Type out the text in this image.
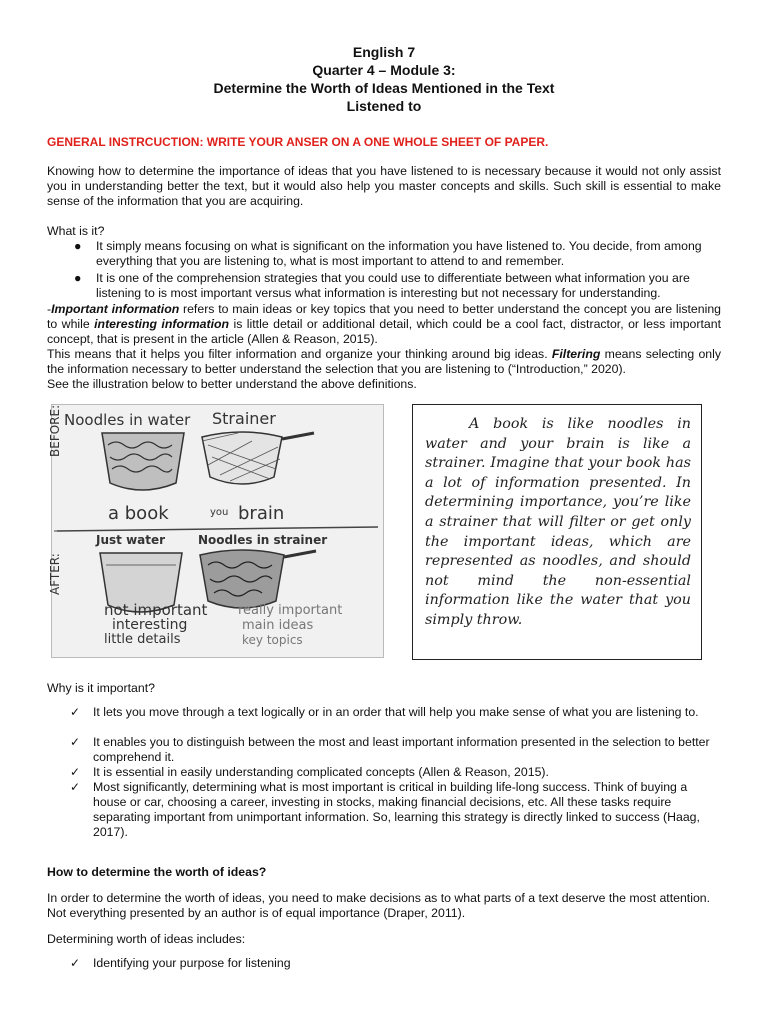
English 7
Quarter 4 – Module 3:
Determine the Worth of Ideas Mentioned in the Text
Listened to
GENERAL INSTRCUCTION: WRITE YOUR ANSER ON A ONE WHOLE SHEET OF PAPER.
Knowing how to determine the importance of ideas that you have listened to is necessary because it would not only assist you in understanding better the text, but it would also help you master concepts and skills. Such skill is essential to make sense of the information that you are acquiring.
What is it?
● It simply means focusing on what is significant on the information you have listened to. You decide, from among everything that you are listening to, what is most important to attend to and remember.
● It is one of the comprehension strategies that you could use to differentiate between what information you are listening to is most important versus what information is interesting but not necessary for understanding.
-Important information refers to main ideas or key topics that you need to better understand the concept you are listening to while interesting information is little detail or additional detail, which could be a cool fact, distractor, or less important concept, that is present in the article (Allen & Reason, 2015).
This means that it helps you filter information and organize your thinking around big ideas. Filtering means selecting only the information necessary to better understand the selection that you are listening to (“Introduction,” 2020).
See the illustration below to better understand the above definitions.
BEFORE:
AFTER:
Noodles in water Strainer
a book	you brain
Just water	Noodles in strainer
not important
interesting
little details
really important
main ideas
key topics
A book is like noodles in water and your brain is like a strainer. Imagine that your book has a lot of information presented. In determining importance, you’re like a strainer that will filter or get only the important ideas, which are represented as noodles, and should not mind the non-essential information like the water that you simply throw.
Why is it important?
✓ It lets you move through a text logically or in an order that will help you make sense of what you are listening to.
✓ It enables you to distinguish between the most and least important information presented in the selection to better comprehend it.
✓ It is essential in easily understanding complicated concepts (Allen & Reason, 2015).
✓ Most significantly, determining what is most important is critical in building life-long success. Think of buying a house or car, choosing a career, investing in stocks, making financial decisions, etc. All these tasks require separating important from unimportant information. So, learning this strategy is directly linked to success (Haag, 2017).
How to determine the worth of ideas?
In order to determine the worth of ideas, you need to make decisions as to what parts of a text deserve the most attention. Not everything presented by an author is of equal importance (Draper, 2011).
Determining worth of ideas includes:
✓ Identifying your purpose for listening
